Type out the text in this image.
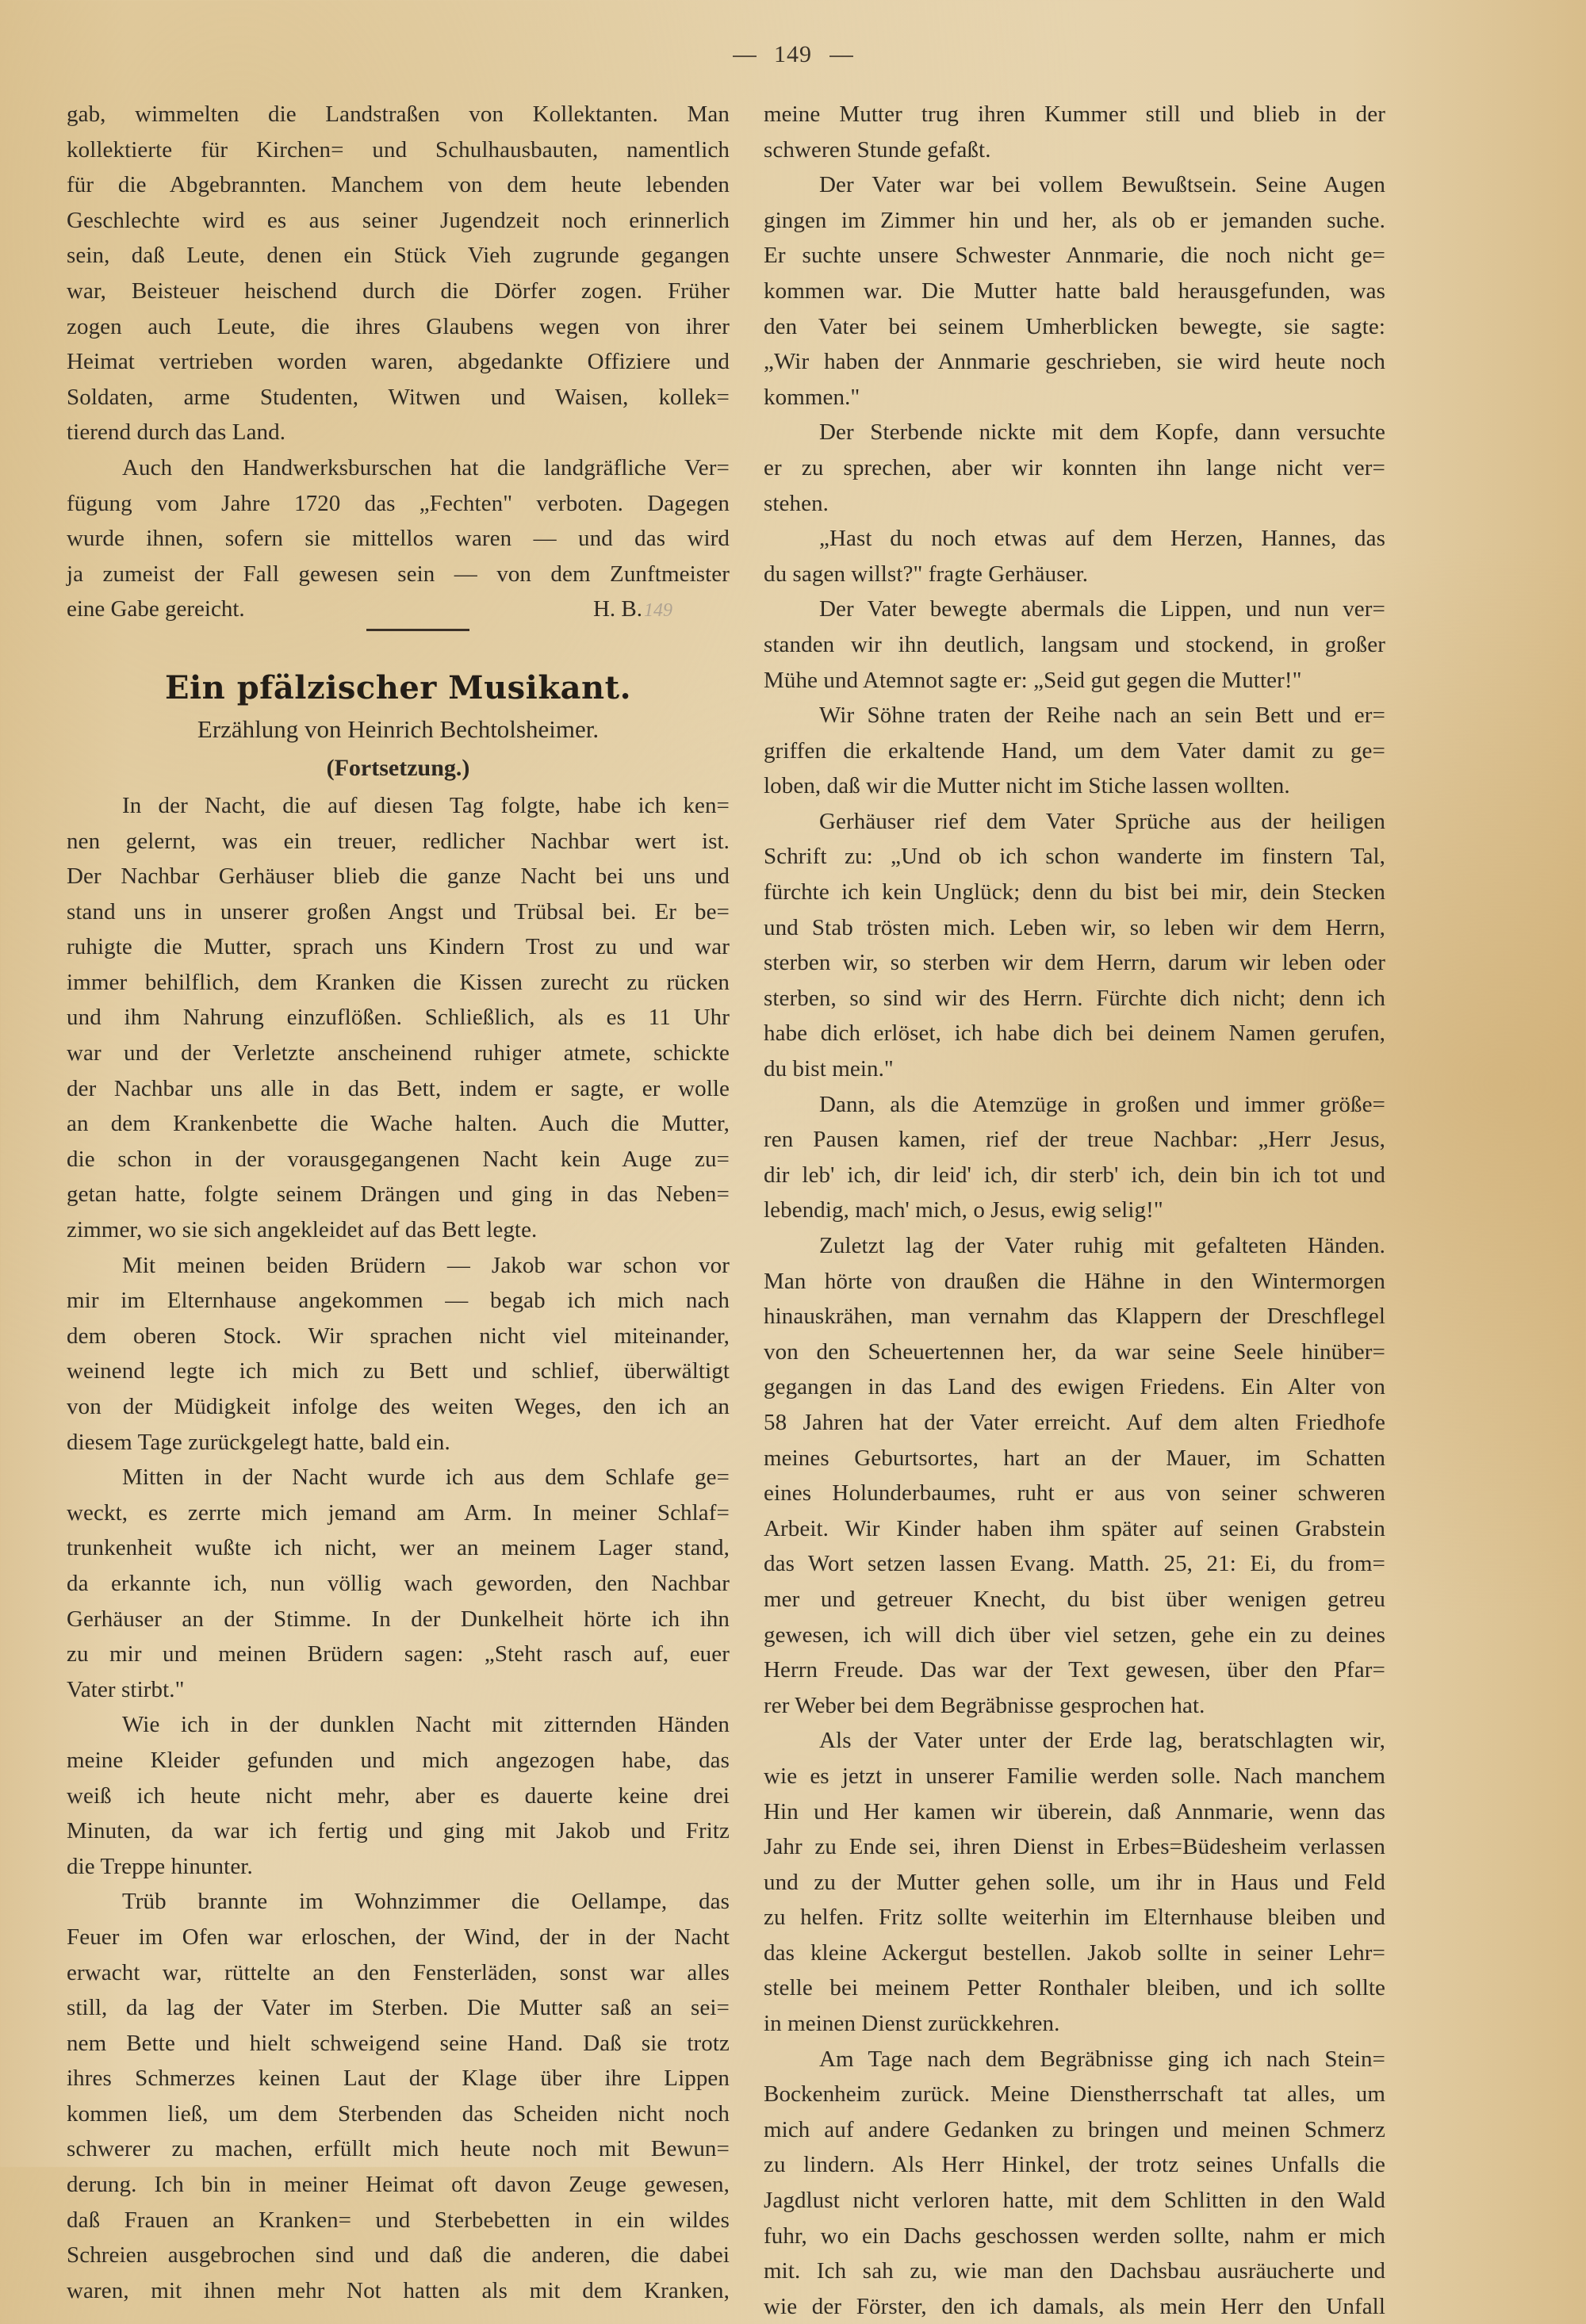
149
gab, wimmelten die Landstraßen von Kollektanten. Man
kollektierte für Kirchen= und Schulhausbauten, namentlich
für die Abgebrannten. Manchem von dem heute lebenden
Geschlechte wird es aus seiner Jugendzeit noch erinnerlich
sein, daß Leute, denen ein Stück Vieh zugrunde gegangen
war, Beisteuer heischend durch die Dörfer zogen. Früher
zogen auch Leute, die ihres Glaubens wegen von ihrer
Heimat vertrieben worden waren, abgedankte Offiziere und
Soldaten, arme Studenten, Witwen und Waisen, kollek=
tierend durch das Land.
Auch den Handwerksburschen hat die landgräfliche Ver=
fügung vom Jahre 1720 das „Fechten" verboten. Dagegen
wurde ihnen, sofern sie mittellos waren — und das wird
ja zumeist der Fall gewesen sein — von dem Zunftmeister
eine Gabe gereicht.	H. B.149
Ein pfälzischer Musikant.
Erzählung von Heinrich Bechtolsheimer.
(Fortsetzung.)
In der Nacht, die auf diesen Tag folgte, habe ich ken=
nen gelernt, was ein treuer, redlicher Nachbar wert ist.
Der Nachbar Gerhäuser blieb die ganze Nacht bei uns und
stand uns in unserer großen Angst und Trübsal bei. Er be=
ruhigte die Mutter, sprach uns Kindern Trost zu und war
immer behilflich, dem Kranken die Kissen zurecht zu rücken
und ihm Nahrung einzuflößen. Schließlich, als es 11 Uhr
war und der Verletzte anscheinend ruhiger atmete, schickte
der Nachbar uns alle in das Bett, indem er sagte, er wolle
an dem Krankenbette die Wache halten. Auch die Mutter,
die schon in der vorausgegangenen Nacht kein Auge zu=
getan hatte, folgte seinem Drängen und ging in das Neben=
zimmer, wo sie sich angekleidet auf das Bett legte.
Mit meinen beiden Brüdern — Jakob war schon vor
mir im Elternhause angekommen — begab ich mich nach
dem oberen Stock. Wir sprachen nicht viel miteinander,
weinend legte ich mich zu Bett und schlief, überwältigt
von der Müdigkeit infolge des weiten Weges, den ich an
diesem Tage zurückgelegt hatte, bald ein.
Mitten in der Nacht wurde ich aus dem Schlafe ge=
weckt, es zerrte mich jemand am Arm. In meiner Schlaf=
trunkenheit wußte ich nicht, wer an meinem Lager stand,
da erkannte ich, nun völlig wach geworden, den Nachbar
Gerhäuser an der Stimme. In der Dunkelheit hörte ich ihn
zu mir und meinen Brüdern sagen: „Steht rasch auf, euer
Vater stirbt."
Wie ich in der dunklen Nacht mit zitternden Händen
meine Kleider gefunden und mich angezogen habe, das
weiß ich heute nicht mehr, aber es dauerte keine drei
Minuten, da war ich fertig und ging mit Jakob und Fritz
die Treppe hinunter.
Trüb brannte im Wohnzimmer die Oellampe, das
Feuer im Ofen war erloschen, der Wind, der in der Nacht
erwacht war, rüttelte an den Fensterläden, sonst war alles
still, da lag der Vater im Sterben. Die Mutter saß an sei=
nem Bette und hielt schweigend seine Hand. Daß sie trotz
ihres Schmerzes keinen Laut der Klage über ihre Lippen
kommen ließ, um dem Sterbenden das Scheiden nicht noch
schwerer zu machen, erfüllt mich heute noch mit Bewun=
derung. Ich bin in meiner Heimat oft davon Zeuge gewesen,
daß Frauen an Kranken= und Sterbebetten in ein wildes
Schreien ausgebrochen sind und daß die anderen, die dabei
waren, mit ihnen mehr Not hatten als mit dem Kranken,
meine Mutter trug ihren Kummer still und blieb in der
schweren Stunde gefaßt.
Der Vater war bei vollem Bewußtsein. Seine Augen
gingen im Zimmer hin und her, als ob er jemanden suche.
Er suchte unsere Schwester Annmarie, die noch nicht ge=
kommen war. Die Mutter hatte bald herausgefunden, was
den Vater bei seinem Umherblicken bewegte, sie sagte:
„Wir haben der Annmarie geschrieben, sie wird heute noch
kommen."
Der Sterbende nickte mit dem Kopfe, dann versuchte
er zu sprechen, aber wir konnten ihn lange nicht ver=
stehen.
„Hast du noch etwas auf dem Herzen, Hannes, das
du sagen willst?" fragte Gerhäuser.
Der Vater bewegte abermals die Lippen, und nun ver=
standen wir ihn deutlich, langsam und stockend, in großer
Mühe und Atemnot sagte er: „Seid gut gegen die Mutter!"
Wir Söhne traten der Reihe nach an sein Bett und er=
griffen die erkaltende Hand, um dem Vater damit zu ge=
loben, daß wir die Mutter nicht im Stiche lassen wollten.
Gerhäuser rief dem Vater Sprüche aus der heiligen
Schrift zu: „Und ob ich schon wanderte im finstern Tal,
fürchte ich kein Unglück; denn du bist bei mir, dein Stecken
und Stab trösten mich. Leben wir, so leben wir dem Herrn,
sterben wir, so sterben wir dem Herrn, darum wir leben oder
sterben, so sind wir des Herrn. Fürchte dich nicht; denn ich
habe dich erlöset, ich habe dich bei deinem Namen gerufen,
du bist mein."
Dann, als die Atemzüge in großen und immer größe=
ren Pausen kamen, rief der treue Nachbar: „Herr Jesus,
dir leb' ich, dir leid' ich, dir sterb' ich, dein bin ich tot und
lebendig, mach' mich, o Jesus, ewig selig!"
Zuletzt lag der Vater ruhig mit gefalteten Händen.
Man hörte von draußen die Hähne in den Wintermorgen
hinauskrähen, man vernahm das Klappern der Dreschflegel
von den Scheuertennen her, da war seine Seele hinüber=
gegangen in das Land des ewigen Friedens. Ein Alter von
58 Jahren hat der Vater erreicht. Auf dem alten Friedhofe
meines Geburtsortes, hart an der Mauer, im Schatten
eines Holunderbaumes, ruht er aus von seiner schweren
Arbeit. Wir Kinder haben ihm später auf seinen Grabstein
das Wort setzen lassen Evang. Matth. 25, 21: Ei, du from=
mer und getreuer Knecht, du bist über wenigen getreu
gewesen, ich will dich über viel setzen, gehe ein zu deines
Herrn Freude. Das war der Text gewesen, über den Pfar=
rer Weber bei dem Begräbnisse gesprochen hat.
Als der Vater unter der Erde lag, beratschlagten wir,
wie es jetzt in unserer Familie werden solle. Nach manchem
Hin und Her kamen wir überein, daß Annmarie, wenn das
Jahr zu Ende sei, ihren Dienst in Erbes=Büdesheim verlassen
und zu der Mutter gehen solle, um ihr in Haus und Feld
zu helfen. Fritz sollte weiterhin im Elternhause bleiben und
das kleine Ackergut bestellen. Jakob sollte in seiner Lehr=
stelle bei meinem Petter Ronthaler bleiben, und ich sollte
in meinen Dienst zurückkehren.
Am Tage nach dem Begräbnisse ging ich nach Stein=
Bockenheim zurück. Meine Dienstherrschaft tat alles, um
mich auf andere Gedanken zu bringen und meinen Schmerz
zu lindern. Als Herr Hinkel, der trotz seines Unfalls die
Jagdlust nicht verloren hatte, mit dem Schlitten in den Wald
fuhr, wo ein Dachs geschossen werden sollte, nahm er mich
mit. Ich sah zu, wie man den Dachsbau ausräucherte und
wie der Förster, den ich damals, als mein Herr den Unfall
